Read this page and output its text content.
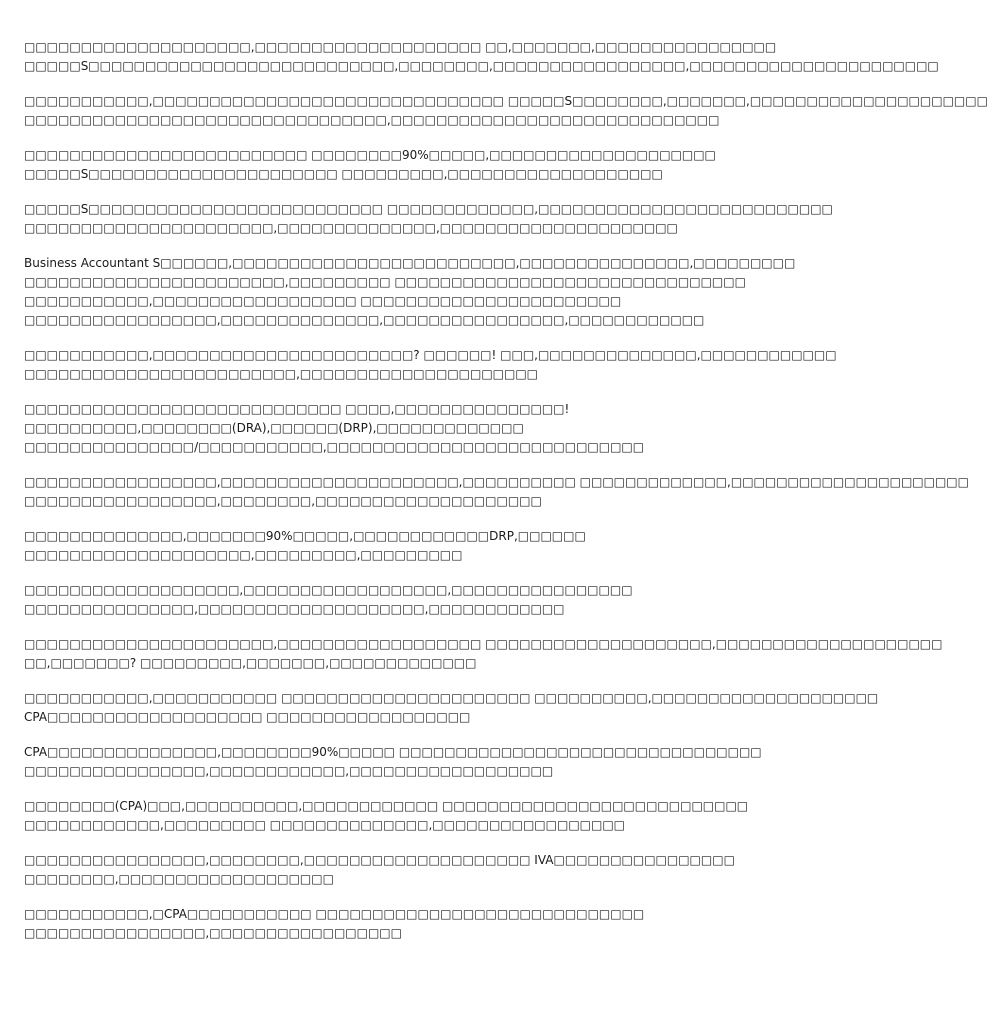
□□□□□□□□□□□□□□□□□□□□,□□□□□□□□□□□□□□□□□□□□ □□,□□□□□□□,□□□□□□□□□□□□□□□□
□□□□□S□□□□□□□□□□□□□□□□□□□□□□□□□□□,□□□□□□□□,□□□□□□□□□□□□□□□□□,□□□□□□□□□□□□□□□□□□□□□□

□□□□□□□□□□□,□□□□□□□□□□□□□□□□□□□□□□□□□□□□□□□ □□□□□S□□□□□□□□,□□□□□□□,□□□□□□□□□□□□□□□□□□□□□
□□□□□□□□□□□□□□□□□□□□□□□□□□□□□□□□,□□□□□□□□□□□□□□□□□□□□□□□□□□□□□

□□□□□□□□□□□□□□□□□□□□□□□□□ □□□□□□□□90%□□□□□,□□□□□□□□□□□□□□□□□□□□
□□□□□S□□□□□□□□□□□□□□□□□□□□□□ □□□□□□□□□,□□□□□□□□□□□□□□□□□□□

□□□□□S□□□□□□□□□□□□□□□□□□□□□□□□□□ □□□□□□□□□□□□□,□□□□□□□□□□□□□□□□□□□□□□□□□□
□□□□□□□□□□□□□□□□□□□□□□,□□□□□□□□□□□□□□,□□□□□□□□□□□□□□□□□□□□□

Business Accountant S□□□□□□,□□□□□□□□□□□□□□□□□□□□□□□□□,□□□□□□□□□□□□□□□,□□□□□□□□□
□□□□□□□□□□□□□□□□□□□□□□□,□□□□□□□□□ □□□□□□□□□□□□□□□□□□□□□□□□□□□□□□□
□□□□□□□□□□□,□□□□□□□□□□□□□□□□□□ □□□□□□□□□□□□□□□□□□□□□□□
□□□□□□□□□□□□□□□□□,□□□□□□□□□□□□□□,□□□□□□□□□□□□□□□□,□□□□□□□□□□□□

□□□□□□□□□□□,□□□□□□□□□□□□□□□□□□□□□□□? □□□□□□! □□□,□□□□□□□□□□□□□□,□□□□□□□□□□□□
□□□□□□□□□□□□□□□□□□□□□□□□,□□□□□□□□□□□□□□□□□□□□□

□□□□□□□□□□□□□□□□□□□□□□□□□□□□ □□□□,□□□□□□□□□□□□□□□!
□□□□□□□□□□,□□□□□□□□(DRA),□□□□□□(DRP),□□□□□□□□□□□□□
□□□□□□□□□□□□□□□/□□□□□□□□□□□,□□□□□□□□□□□□□□□□□□□□□□□□□□□□

□□□□□□□□□□□□□□□□□,□□□□□□□□□□□□□□□□□□□□□,□□□□□□□□□□ □□□□□□□□□□□□□,□□□□□□□□□□□□□□□□□□□□□
□□□□□□□□□□□□□□□□□,□□□□□□□□,□□□□□□□□□□□□□□□□□□□□

□□□□□□□□□□□□□□,□□□□□□□90%□□□□□,□□□□□□□□□□□□DRP,□□□□□□
□□□□□□□□□□□□□□□□□□□□,□□□□□□□□□,□□□□□□□□□

□□□□□□□□□□□□□□□□□□□,□□□□□□□□□□□□□□□□□□,□□□□□□□□□□□□□□□□
□□□□□□□□□□□□□□□,□□□□□□□□□□□□□□□□□□□□,□□□□□□□□□□□□

□□□□□□□□□□□□□□□□□□□□□□,□□□□□□□□□□□□□□□□□□ □□□□□□□□□□□□□□□□□□□□,□□□□□□□□□□□□□□□□□□□□
□□,□□□□□□□? □□□□□□□□□,□□□□□□□,□□□□□□□□□□□□□

□□□□□□□□□□□,□□□□□□□□□□□ □□□□□□□□□□□□□□□□□□□□□□ □□□□□□□□□□,□□□□□□□□□□□□□□□□□□□□
CPA□□□□□□□□□□□□□□□□□□□ □□□□□□□□□□□□□□□□□□

CPA□□□□□□□□□□□□□□□,□□□□□□□□90%□□□□□ □□□□□□□□□□□□□□□□□□□□□□□□□□□□□□□□
□□□□□□□□□□□□□□□□,□□□□□□□□□□□□,□□□□□□□□□□□□□□□□□□

□□□□□□□□(CPA)□□□,□□□□□□□□□□,□□□□□□□□□□□□ □□□□□□□□□□□□□□□□□□□□□□□□□□□
□□□□□□□□□□□□,□□□□□□□□□ □□□□□□□□□□□□□□,□□□□□□□□□□□□□□□□□

□□□□□□□□□□□□□□□□,□□□□□□□□,□□□□□□□□□□□□□□□□□□□□ IVA□□□□□□□□□□□□□□□□
□□□□□□□□,□□□□□□□□□□□□□□□□□□□

□□□□□□□□□□□,□CPA□□□□□□□□□□□ □□□□□□□□□□□□□□□□□□□□□□□□□□□□□
□□□□□□□□□□□□□□□□,□□□□□□□□□□□□□□□□□
